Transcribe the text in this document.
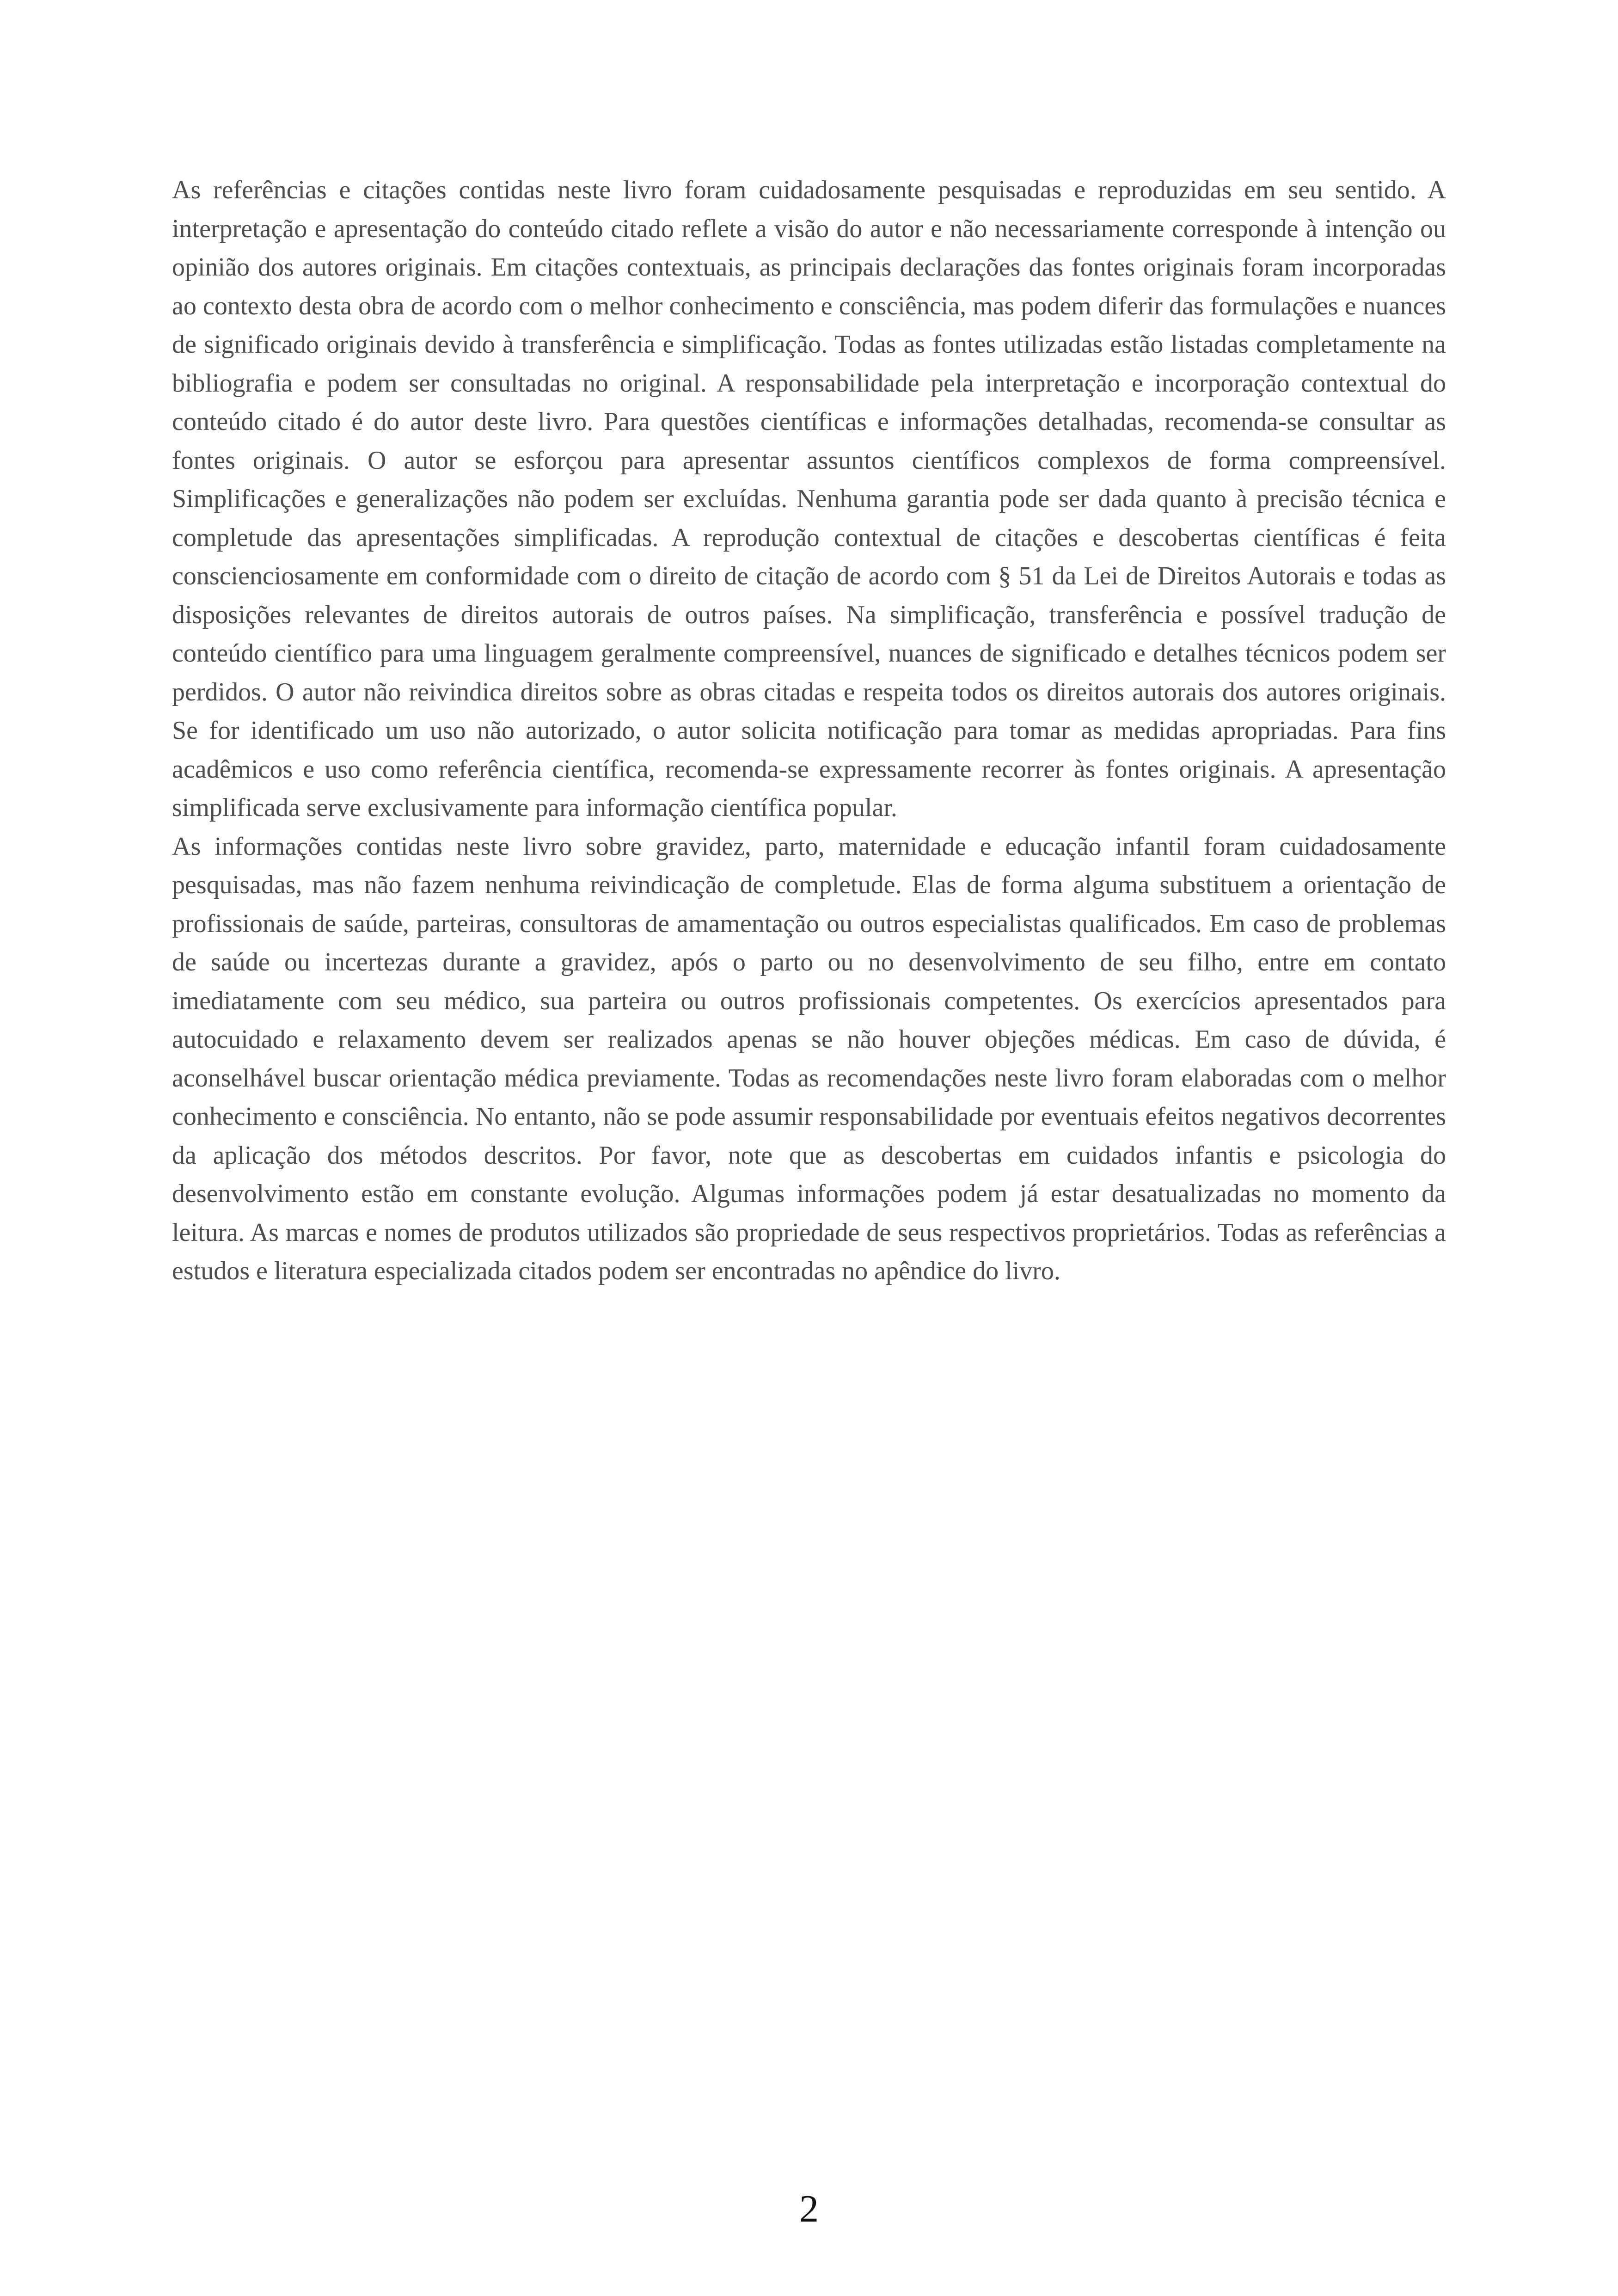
As referências e citações contidas neste livro foram cuidadosamente pesquisadas e reproduzidas em seu sentido. A interpretação e apresentação do conteúdo citado reflete a visão do autor e não necessariamente corresponde à intenção ou opinião dos autores originais. Em citações contextuais, as principais declarações das fontes originais foram incorporadas ao contexto desta obra de acordo com o melhor conhecimento e consciência, mas podem diferir das formulações e nuances de significado originais devido à transferência e simplificação. Todas as fontes utilizadas estão listadas completamente na bibliografia e podem ser consultadas no original. A responsabilidade pela interpretação e incorporação contextual do conteúdo citado é do autor deste livro. Para questões científicas e informações detalhadas, recomenda-se consultar as fontes originais. O autor se esforçou para apresentar assuntos científicos complexos de forma compreensível. Simplificações e generalizações não podem ser excluídas. Nenhuma garantia pode ser dada quanto à precisão técnica e completude das apresentações simplificadas. A reprodução contextual de citações e descobertas científicas é feita conscienciosamente em conformidade com o direito de citação de acordo com § 51 da Lei de Direitos Autorais e todas as disposições relevantes de direitos autorais de outros países. Na simplificação, transferência e possível tradução de conteúdo científico para uma linguagem geralmente compreensível, nuances de significado e detalhes técnicos podem ser perdidos. O autor não reivindica direitos sobre as obras citadas e respeita todos os direitos autorais dos autores originais. Se for identificado um uso não autorizado, o autor solicita notificação para tomar as medidas apropriadas. Para fins acadêmicos e uso como referência científica, recomenda-se expressamente recorrer às fontes originais. A apresentação simplificada serve exclusivamente para informação científica popular.

As informações contidas neste livro sobre gravidez, parto, maternidade e educação infantil foram cuidadosamente pesquisadas, mas não fazem nenhuma reivindicação de completude. Elas de forma alguma substituem a orientação de profissionais de saúde, parteiras, consultoras de amamentação ou outros especialistas qualificados. Em caso de problemas de saúde ou incertezas durante a gravidez, após o parto ou no desenvolvimento de seu filho, entre em contato imediatamente com seu médico, sua parteira ou outros profissionais competentes. Os exercícios apresentados para autocuidado e relaxamento devem ser realizados apenas se não houver objeções médicas. Em caso de dúvida, é aconselhável buscar orientação médica previamente. Todas as recomendações neste livro foram elaboradas com o melhor conhecimento e consciência. No entanto, não se pode assumir responsabilidade por eventuais efeitos negativos decorrentes da aplicação dos métodos descritos. Por favor, note que as descobertas em cuidados infantis e psicologia do desenvolvimento estão em constante evolução. Algumas informações podem já estar desatualizadas no momento da leitura. As marcas e nomes de produtos utilizados são propriedade de seus respectivos proprietários. Todas as referências a estudos e literatura especializada citados podem ser encontradas no apêndice do livro.

2
